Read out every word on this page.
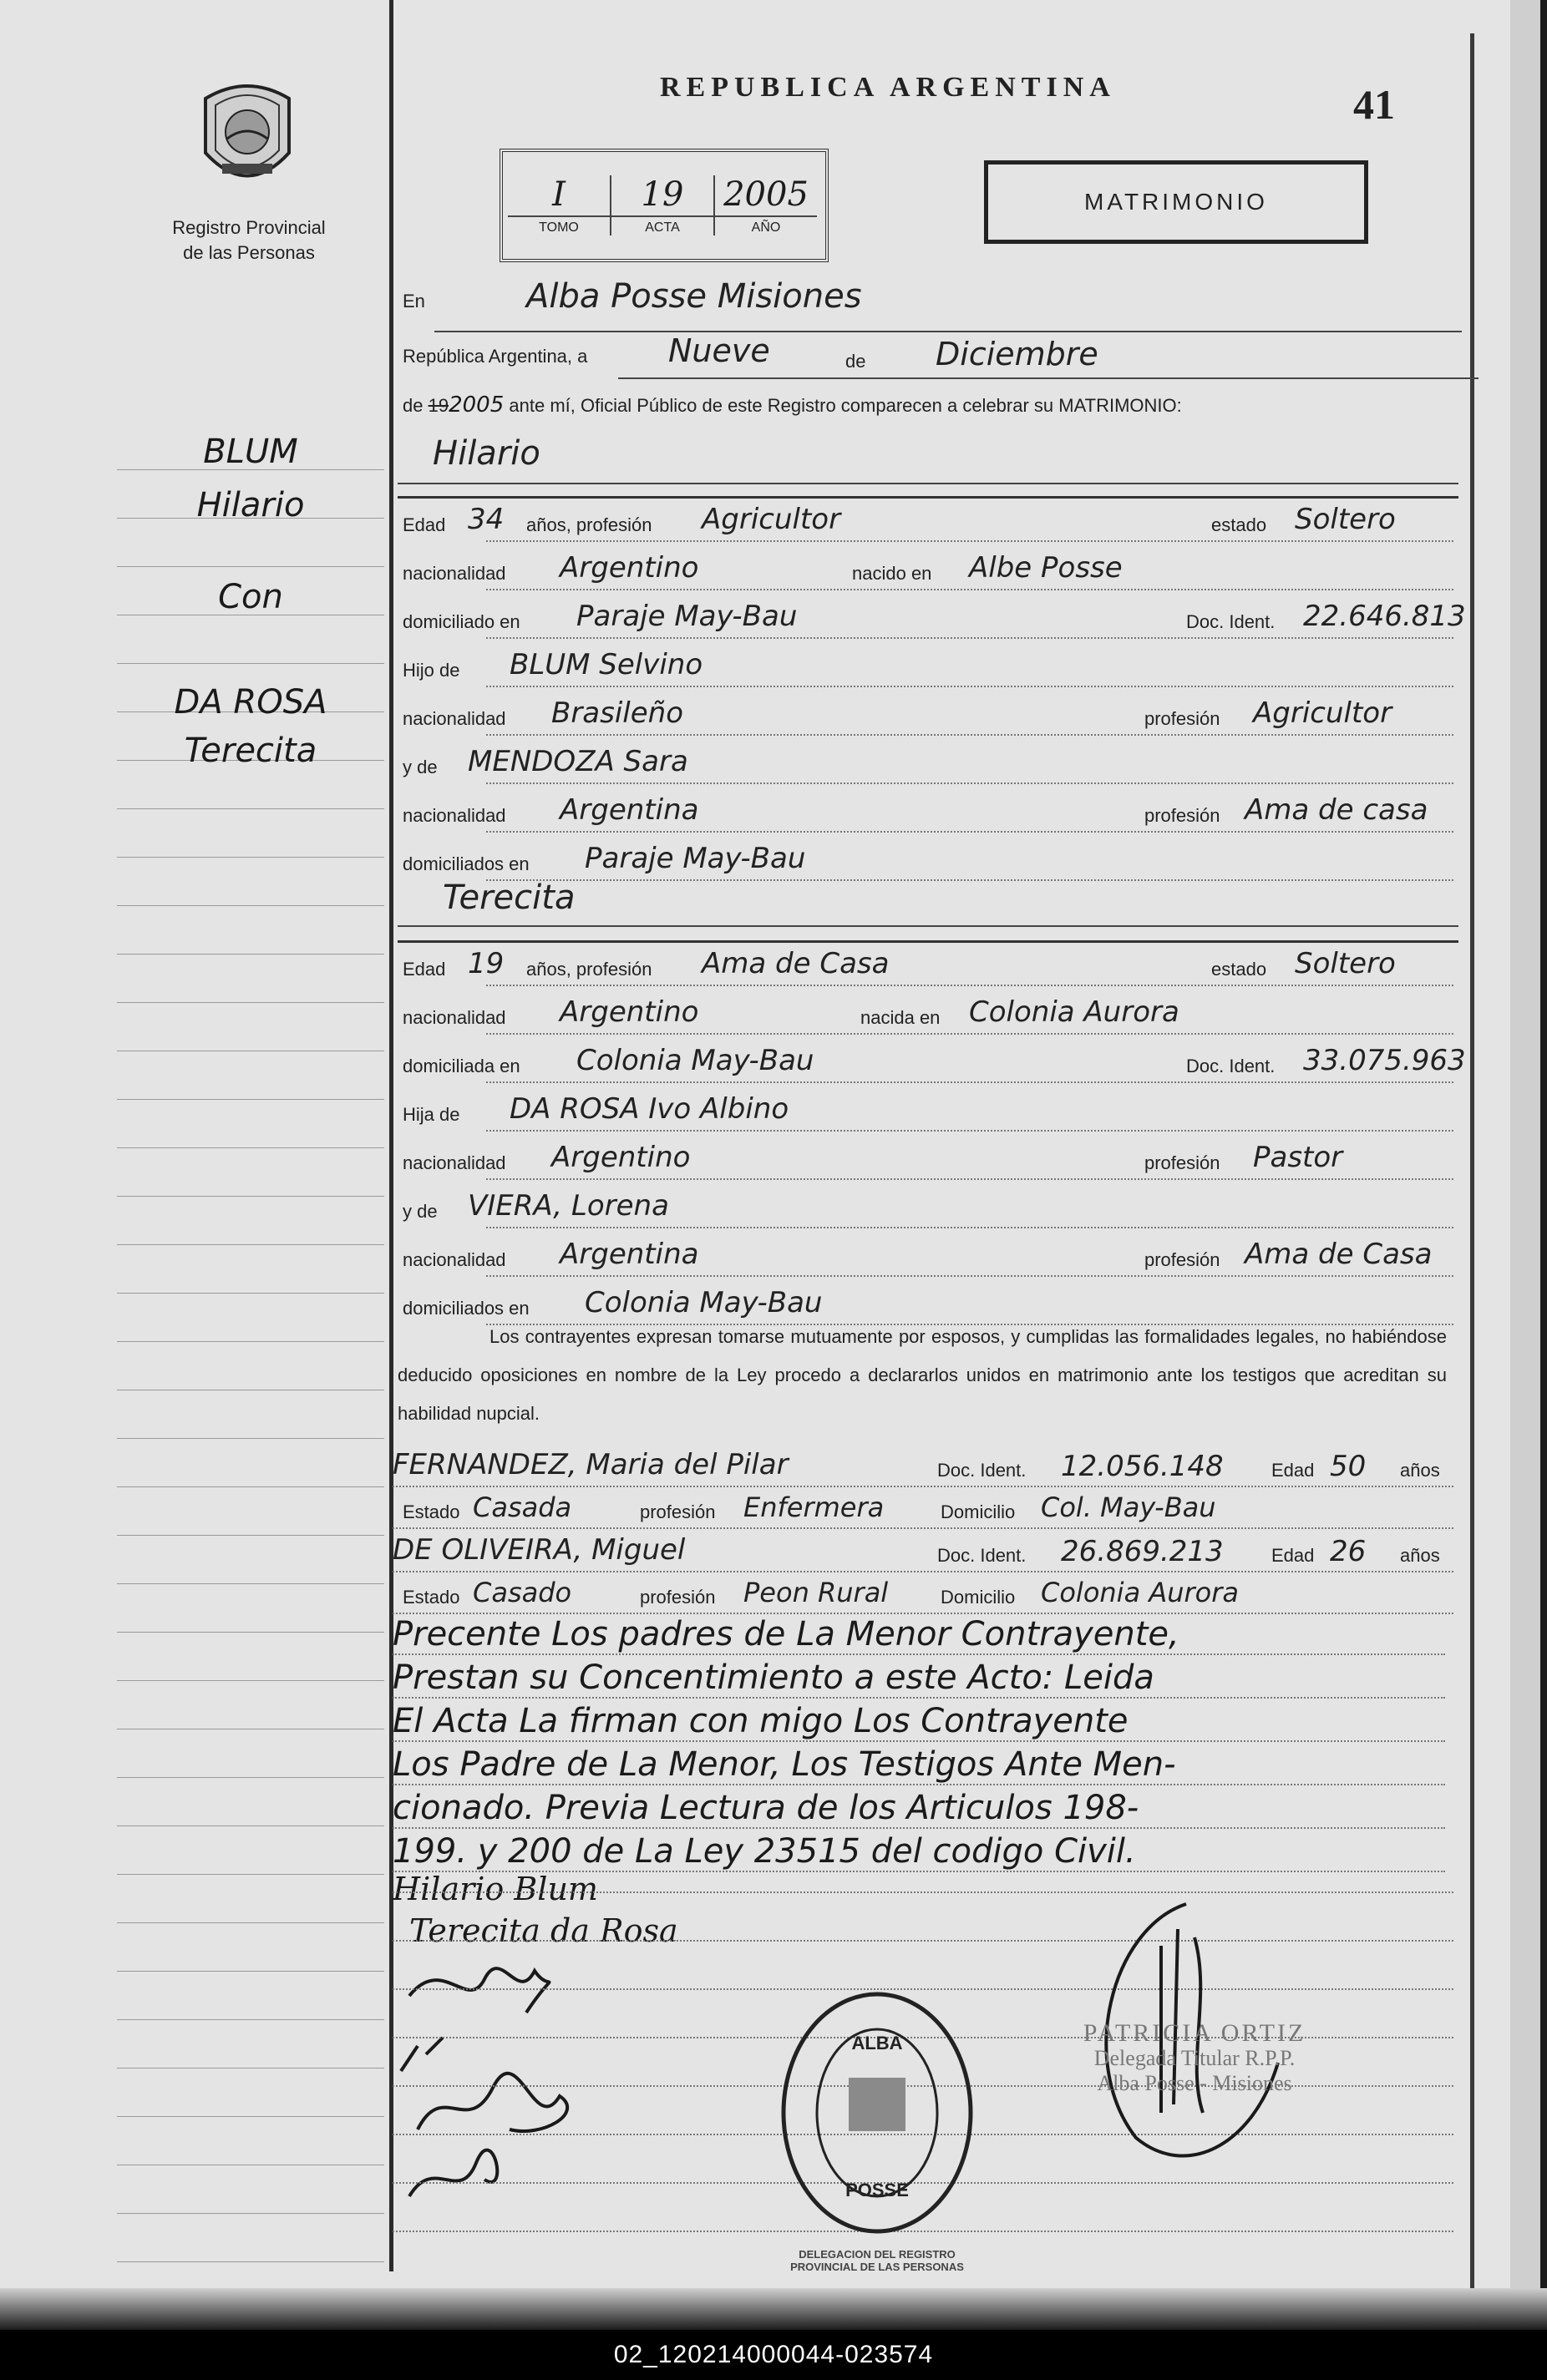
Registro Provincial
de las Personas
REPUBLICA ARGENTINA	41
I
TOMO
19
ACTA
2005
AÑO
MATRIMONIO
BLUM
Hilario
Con
DA ROSA
Terecita
En	Alba Posse Misiones
República Argentina, a	Nueve	de Diciembre
de 192005 ante mí, Oficial Público de este Registro comparecen a celebrar su MATRIMONIO:
Hilario
Edad 34 años, profesión Agricultor	estado Soltero
nacionalidad Argentino	nacido en Albe Posse
domiciliado en Paraje May-Bau	Doc. Ident. 22.646.813
Hijo de BLUM Selvino
nacionalidad Brasileño	profesión Agricultor
y de MENDOZA Sara
nacionalidad Argentina	profesión Ama de casa
domiciliados en Paraje May-Bau
Terecita
Edad 19 años, profesión Ama de Casa	estado Soltero
nacionalidad Argentino	nacida en Colonia Aurora
domiciliada en Colonia May-Bau	Doc. Ident. 33.075.963
Hija de DA ROSA Ivo Albino
nacionalidad Argentino	profesión Pastor
y de VIERA, Lorena
nacionalidad Argentina	profesión Ama de Casa
domiciliados en Colonia May-Bau
Los contrayentes expresan tomarse mutuamente por esposos, y cumplidas las formalidades legales, no habiéndose deducido oposiciones en nombre de la Ley procedo a declararlos unidos en matrimonio ante los testigos que acreditan su habilidad nupcial.
FERNANDEZ, Maria del Pilar	Doc. Ident. 12.056.148	Edad 50 años
Estado Casada	profesión Enfermera	Domicilio Col. May-Bau
DE OLIVEIRA, Miguel	Doc. Ident. 26.869.213	Edad 26 años
Estado Casado	profesión Peon Rural	Domicilio Colonia Aurora
Precente Los padres de La Menor Contrayente,
Prestan su Concentimiento a este Acto: Leida
El Acta La firman con migo Los Contrayente
Los Padre de La Menor, Los Testigos Ante Men-
cionado. Previa Lectura de los Articulos 198-
199. y 200 de La Ley 23515 del codigo Civil.
Hilario Blum
Terecita da Rosa
ALBA
POSSE
DELEGACION DEL REGISTRO PROVINCIAL DE LAS PERSONAS
PATRICIA ORTIZ
Delegada Titular R.P.P.
Alba Posse - Misiones
02_120214000044-023574
